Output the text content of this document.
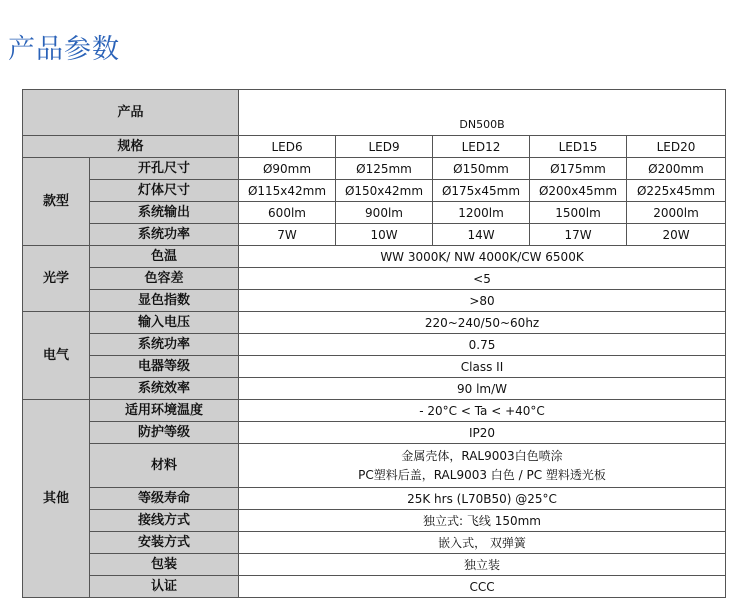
产品参数
产品		DN500B				
规格		LED6	LED9	LED12	LED15	LED20
款型	开孔尺寸	Ø90mm	Ø125mm	Ø150mm	Ø175mm	Ø200mm
	灯体尺寸	Ø115x42mm	Ø150x42mm	Ø175x45mm	Ø200x45mm	Ø225x45mm
	系统输出	600lm	900lm	1200lm	1500lm	2000lm
	系统功率	7W	10W	14W	17W	20W
光学	色温	WW 3000K/ NW 4000K/CW 6500K				
	色容差	<5				
	显色指数	>80				
电气	输入电压	220~240/50~60hz				
	系统功率	0.75				
	电器等级	Class II				
	系统效率	90 lm/W				
其他	适用环境温度	- 20°C < Ta < +40°C				
	防护等级	IP20				
	材料	金属壳体，RAL9003白色喷涂
PC塑料后盖，RAL9003 白色 / PC 塑料透光板				

	等级寿命	25K hrs (L70B50) @25°C				
	接线方式	独立式: 飞线 150mm				
	安装方式	嵌入式， 双弹簧				
	包装	独立装				
	认证	CCC				
